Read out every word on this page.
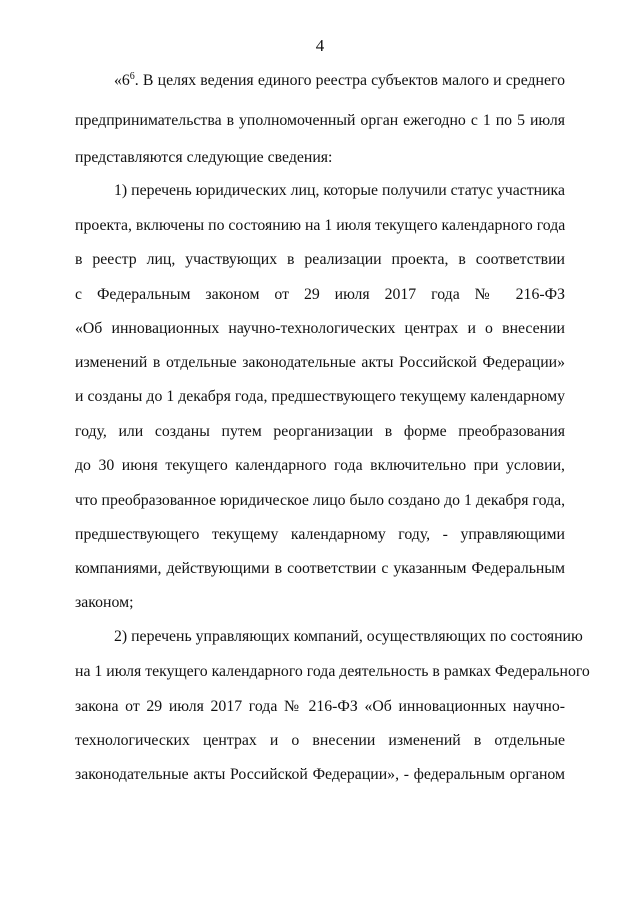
4
«$6^6$. В целях ведения единого реестра субъектов малого и среднего
предпринимательства в уполномоченный орган ежегодно с 1 по 5 июля
представляются следующие сведения:
1) перечень юридических лиц, которые получили статус участника
проекта, включены по состоянию на 1 июля текущего календарного года
в реестр лиц, участвующих в реализации проекта, в соответствии
с Федеральным законом от 29 июля 2017 года № 216-ФЗ
«Об инновационных научно-технологических центрах и о внесении
изменений в отдельные законодательные акты Российской Федерации»
и созданы до 1 декабря года, предшествующего текущему календарному
году, или созданы путем реорганизации в форме преобразования
до 30 июня текущего календарного года включительно при условии,
что преобразованное юридическое лицо было создано до 1 декабря года,
предшествующего текущему календарному году, - управляющими
компаниями, действующими в соответствии с указанным Федеральным
законом;
2) перечень управляющих компаний, осуществляющих по состоянию
на 1 июля текущего календарного года деятельность в рамках Федерального
закона от 29 июля 2017 года № 216-ФЗ «Об инновационных научно-
технологических центрах и о внесении изменений в отдельные
законодательные акты Российской Федерации», - федеральным органом
